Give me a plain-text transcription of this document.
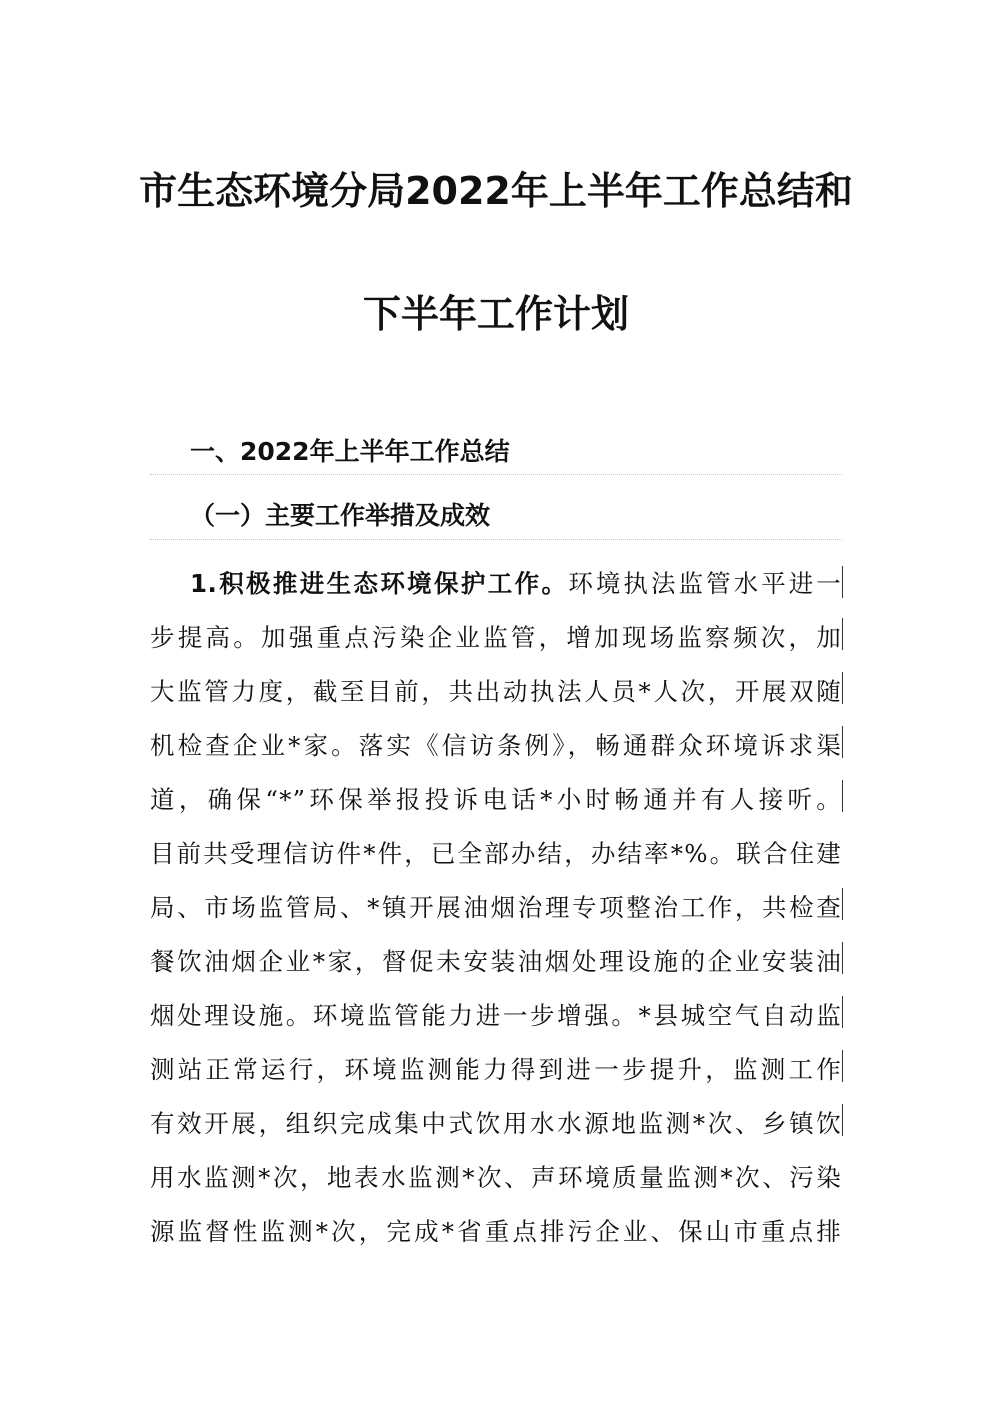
市生态环境分局2022年上半年工作总结和
下半年工作计划
一、2022年上半年工作总结
（一）主要工作举措及成效
1.积极推进生态环境保护工作。环境执法监管水平进一
步提高。加强重点污染企业监管，增加现场监察频次，加
大监管力度，截至目前，共出动执法人员*人次，开展双随
机检查企业*家。落实《信访条例》，畅通群众环境诉求渠
道，确保“*”环保举报投诉电话*小时畅通并有人接听。
目前共受理信访件*件，已全部办结，办结率*%。联合住建
局、市场监管局、*镇开展油烟治理专项整治工作，共检查
餐饮油烟企业*家，督促未安装油烟处理设施的企业安装油
烟处理设施。环境监管能力进一步增强。*县城空气自动监
测站正常运行，环境监测能力得到进一步提升，监测工作
有效开展，组织完成集中式饮用水水源地监测*次、乡镇饮
用水监测*次，地表水监测*次、声环境质量监测*次、污染
源监督性监测*次，完成*省重点排污企业、保山市重点排
